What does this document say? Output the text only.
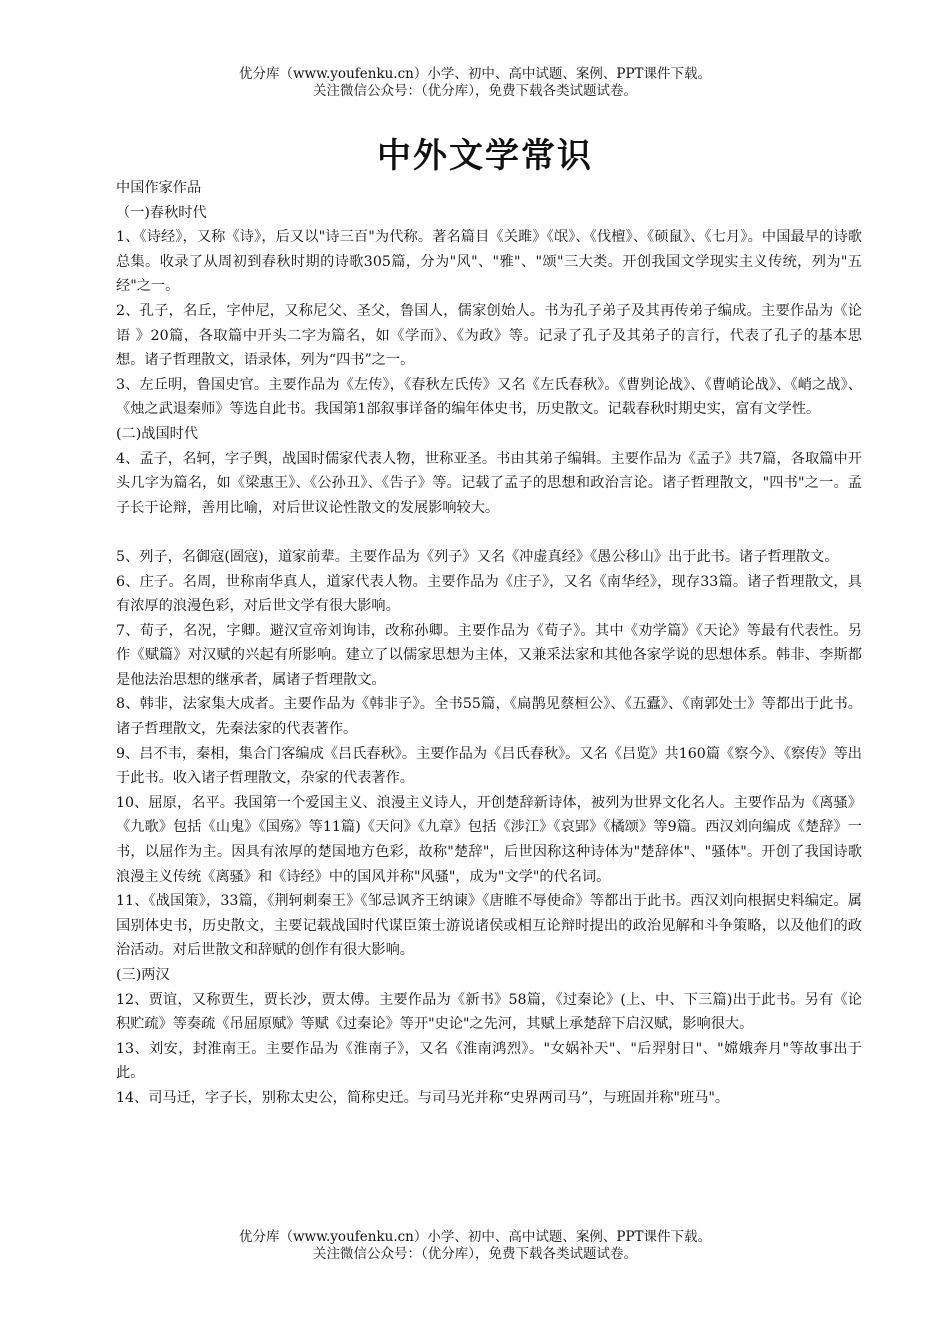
优分库（www.youfenku.cn）小学、初中、高中试题、案例、PPT课件下载。
关注微信公众号：（优分库），免费下载各类试题试卷。
中外文学常识

中国作家作品

（一)春秋时代

1、《诗经》，又称《诗》，后又以"诗三百"为代称。著名篇目《关雎》《氓》、《伐檀》、《硕鼠》、《七月》。中国最早的诗歌总集。收录了从周初到春秋时期的诗歌305篇，分为"风"、"雅"、"颂"三大类。开创我国文学现实主义传统，列为"五经"之一。

2、孔子，名丘，字仲尼，又称尼父、圣父，鲁国人，儒家创始人。书为孔子弟子及其再传弟子编成。主要作品为《论语 》20篇，各取篇中开头二字为篇名，如《学而》、《为政》等。记录了孔子及其弟子的言行，代表了孔子的基本思想。诸子哲理散文，语录体，列为“四书”之一。

3、左丘明，鲁国史官。主要作品为《左传》，《春秋左氏传》又名《左氏春秋》。《曹刿论战》、《曹峭论战》、《峭之战》、《烛之武退秦师》等选自此书。我国第1部叙事详备的编年体史书，历史散文。记载春秋时期史实，富有文学性。

(二)战国时代

4、孟子，名轲，字子舆，战国时儒家代表人物，世称亚圣。书由其弟子编辑。主要作品为《孟子》共7篇，各取篇中开头几字为篇名，如《梁惠王》、《公孙丑》、《告子》等。记载了孟子的思想和政治言论。诸子哲理散文，"四书"之一。孟子长于论辩，善用比喻，对后世议论性散文的发展影响较大。

5、列子，名御寇(圄寇)，道家前辈。主要作品为《列子》又名《冲虚真经》《愚公移山》出于此书。诸子哲理散文。

6、庄子。名周，世称南华真人，道家代表人物。主要作品为《庄子》，又名《南华经》，现存33篇。诸子哲理散文，具有浓厚的浪漫色彩，对后世文学有很大影响。

7、荀子，名况，字卿。避汉宣帝刘询讳，改称孙卿。主要作品为《荀子》。其中《劝学篇》《天论》等最有代表性。另作《赋篇》对汉赋的兴起有所影响。建立了以儒家思想为主体，又兼采法家和其他各家学说的思想体系。韩非、李斯都是他法治思想的继承者，属诸子哲理散文。

8、韩非，法家集大成者。主要作品为《韩非子》。全书55篇，《扁鹊见蔡桓公》、《五蠹》、《南郭处士》等都出于此书。诸子哲理散文，先秦法家的代表著作。

9、吕不韦，秦相，集合门客编成《吕氏春秋》。主要作品为《吕氏春秋》。又名《吕览》共160篇《察今》、《察传》等出于此书。收入诸子哲理散文，杂家的代表著作。

10、屈原，名平。我国第一个爱国主义、浪漫主义诗人，开创楚辞新诗体，被列为世界文化名人。主要作品为《离骚》《九歌》包括《山鬼》《国殇》等11篇)《天问》《九章》包括《涉江》《哀郢》《橘颂》等9篇。西汉刘向编成《楚辞》一书，以屈作为主。因具有浓厚的楚国地方色彩，故称"楚辞"，后世因称这种诗体为"楚辞体"、"骚体"。开创了我国诗歌浪漫主义传统《离骚》和《诗经》中的国风并称"风骚"，成为"文学"的代名词。

11、《战国策》，33篇，《荆轲刺秦王》《邹忌讽齐王纳谏》《唐睢不辱使命》等都出于此书。西汉刘向根据史料编定。属国别体史书，历史散文，主要记载战国时代谋臣策士游说诸侯或相互论辩时提出的政治见解和斗争策略，以及他们的政治活动。对后世散文和辞赋的创作有很大影响。

(三)两汉

12、贾谊，又称贾生，贾长沙，贾太傅。主要作品为《新书》58篇，《过秦论》(上、中、下三篇)出于此书。另有《论积贮疏》等奏疏《吊屈原赋》等赋《过秦论》等开"史论"之先河，其赋上承楚辞下启汉赋，影响很大。

13、刘安，封淮南王。主要作品为《淮南子》，又名《淮南鸿烈》。"女娲补天"、"后羿射日"、"嫦娥奔月"等故事出于此。

14、司马迁，字子长，别称太史公，简称史迁。与司马光并称“史界两司马”，与班固并称"班马"。

优分库（www.youfenku.cn）小学、初中、高中试题、案例、PPT课件下载。
关注微信公众号：（优分库），免费下载各类试题试卷。
